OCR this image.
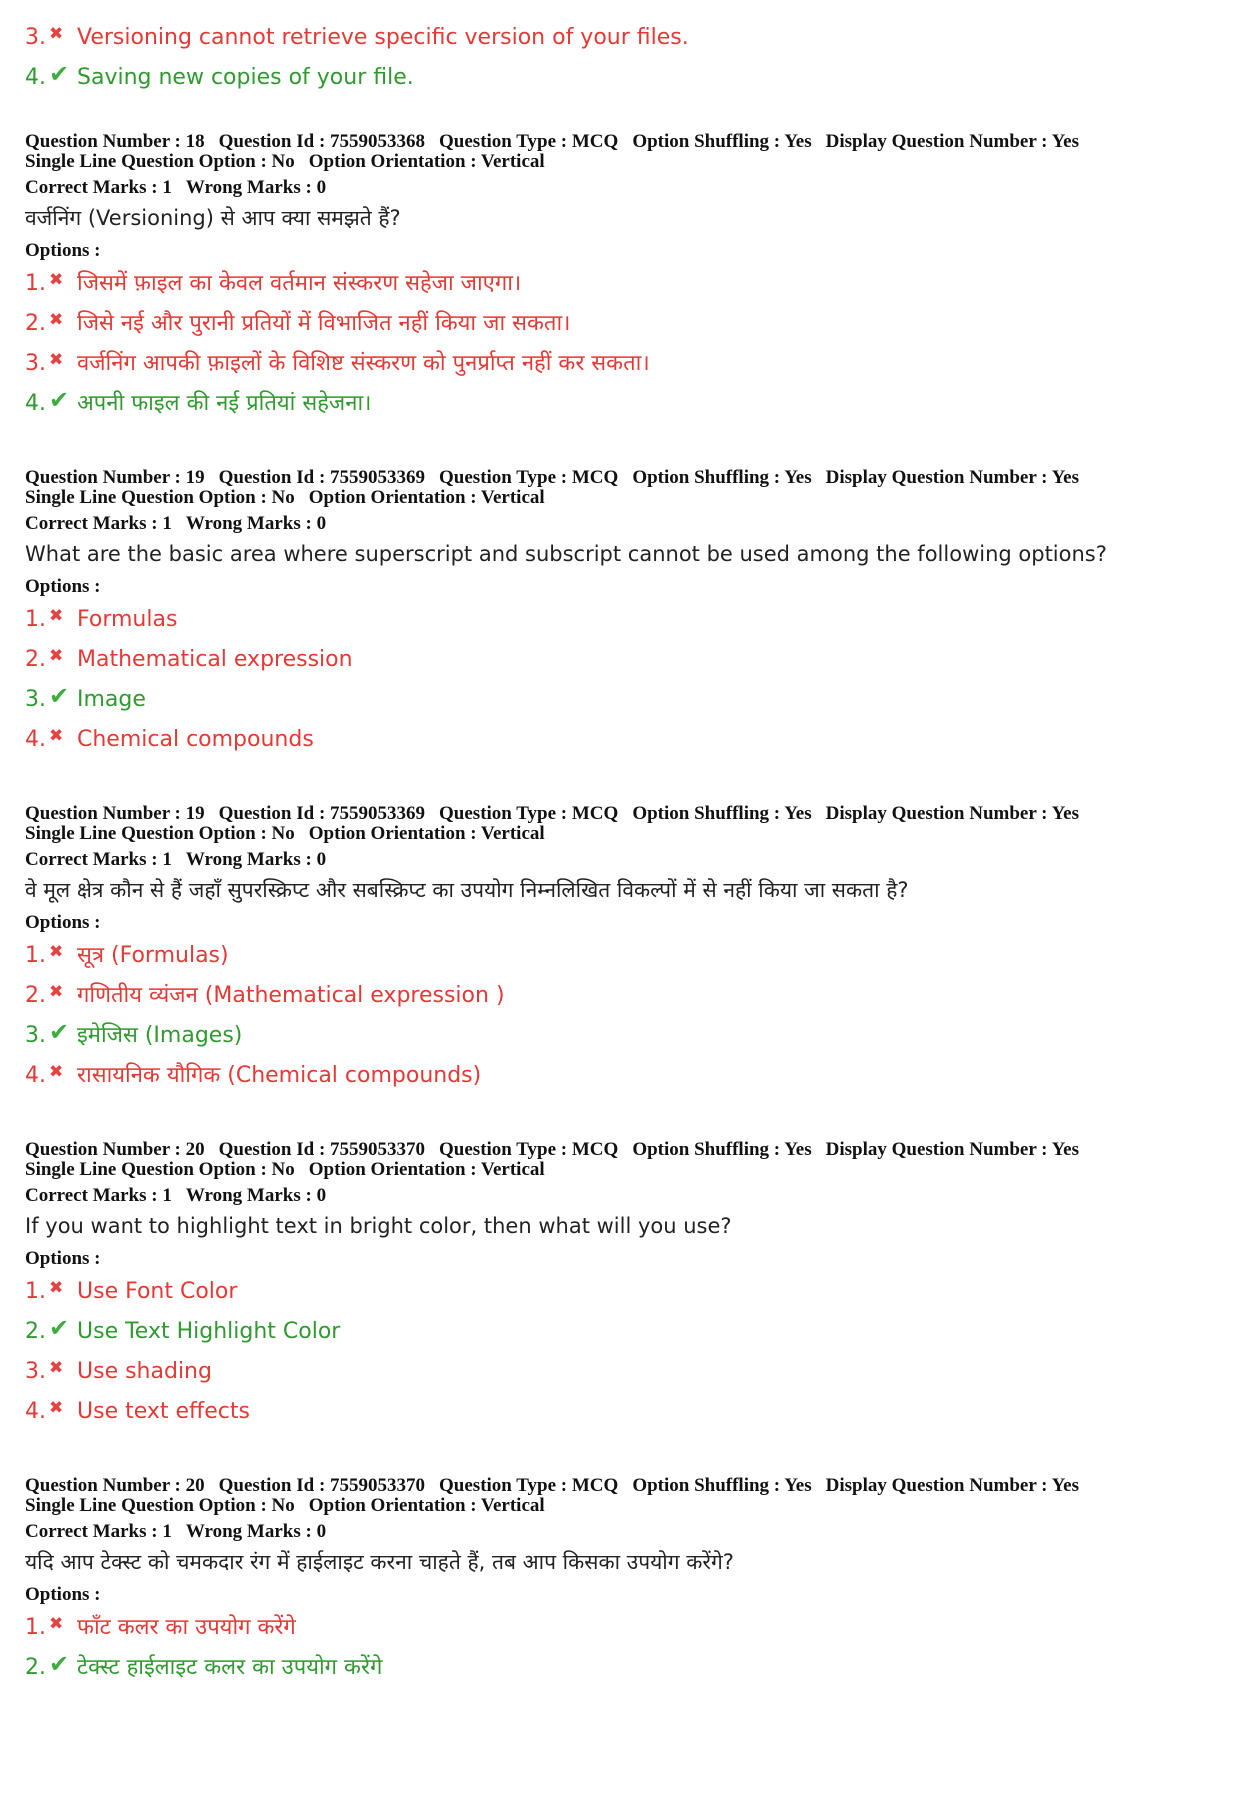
3. ✖ Versioning cannot retrieve specific version of your files.
4. ✔ Saving new copies of your file.
Question Number : 18 Question Id : 7559053368 Question Type : MCQ Option Shuffling : Yes Display Question Number : Yes
Single Line Question Option : No Option Orientation : Vertical
Correct Marks : 1 Wrong Marks : 0
वर्जनिंग (Versioning) से आप क्या समझते हैं?
Options :
1. ✖ जिसमें फ़ाइल का केवल वर्तमान संस्करण सहेजा जाएगा।
2. ✖ जिसे नई और पुरानी प्रतियों में विभाजित नहीं किया जा सकता।
3. ✖ वर्जनिंग आपकी फ़ाइलों के विशिष्ट संस्करण को पुनर्प्राप्त नहीं कर सकता।
4. ✔ अपनी फाइल की नई प्रतियां सहेजना।
Question Number : 19 Question Id : 7559053369 Question Type : MCQ Option Shuffling : Yes Display Question Number : Yes
Single Line Question Option : No Option Orientation : Vertical
Correct Marks : 1 Wrong Marks : 0
What are the basic area where superscript and subscript cannot be used among the following options?
Options :
1. ✖ Formulas
2. ✖ Mathematical expression
3. ✔ Image
4. ✖ Chemical compounds
Question Number : 19 Question Id : 7559053369 Question Type : MCQ Option Shuffling : Yes Display Question Number : Yes
Single Line Question Option : No Option Orientation : Vertical
Correct Marks : 1 Wrong Marks : 0
वे मूल क्षेत्र कौन से हैं जहाँ सुपरस्क्रिप्ट और सबस्क्रिप्ट का उपयोग निम्नलिखित विकल्पों में से नहीं किया जा सकता है?
Options :
1. ✖ सूत्र (Formulas)
2. ✖ गणितीय व्यंजन (Mathematical expression )
3. ✔ इमेजिस (Images)
4. ✖ रासायनिक यौगिक (Chemical compounds)
Question Number : 20 Question Id : 7559053370 Question Type : MCQ Option Shuffling : Yes Display Question Number : Yes
Single Line Question Option : No Option Orientation : Vertical
Correct Marks : 1 Wrong Marks : 0
If you want to highlight text in bright color, then what will you use?
Options :
1. ✖ Use Font Color
2. ✔ Use Text Highlight Color
3. ✖ Use shading
4. ✖ Use text effects
Question Number : 20 Question Id : 7559053370 Question Type : MCQ Option Shuffling : Yes Display Question Number : Yes
Single Line Question Option : No Option Orientation : Vertical
Correct Marks : 1 Wrong Marks : 0
यदि आप टेक्स्ट को चमकदार रंग में हाईलाइट करना चाहते हैं, तब आप किसका उपयोग करेंगे?
Options :
1. ✖ फॉंट कलर का उपयोग करेंगे
2. ✔ टेक्स्ट हाईलाइट कलर का उपयोग करेंगे
